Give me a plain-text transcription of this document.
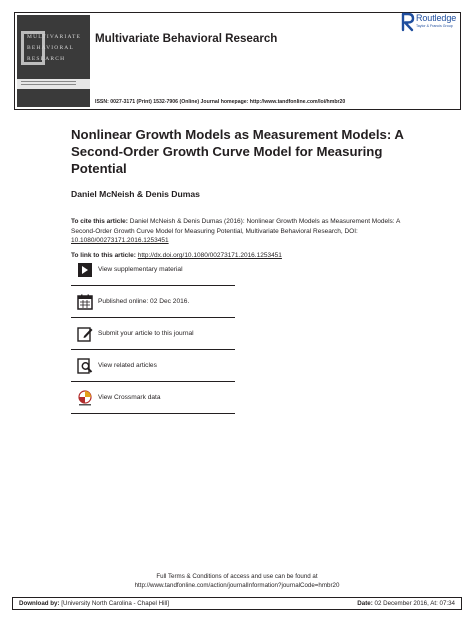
MULTIVARIATE
BEHAVIORAL
RESEARCH
Multivariate Behavioral Research
ISSN: 0027-3171 (Print) 1532-7906 (Online) Journal homepage: http://www.tandfonline.com/loi/hmbr20
Routledge
Taylor & Francis Group
Nonlinear Growth Models as Measurement Models: A Second-Order Growth Curve Model for Measuring Potential
Daniel McNeish & Denis Dumas
To cite this article: Daniel McNeish & Denis Dumas (2016): Nonlinear Growth Models as Measurement Models: A Second-Order Growth Curve Model for Measuring Potential, Multivariate Behavioral Research, DOI: 10.1080/00273171.2016.1253451
To link to this article: http://dx.doi.org/10.1080/00273171.2016.1253451
View supplementary material
Published online: 02 Dec 2016.
Submit your article to this journal
View related articles
View Crossmark data
Full Terms & Conditions of access and use can be found at
http://www.tandfonline.com/action/journalInformation?journalCode=hmbr20
Download by: [University North Carolina - Chapel Hill]	Date: 02 December 2016, At: 07:34
